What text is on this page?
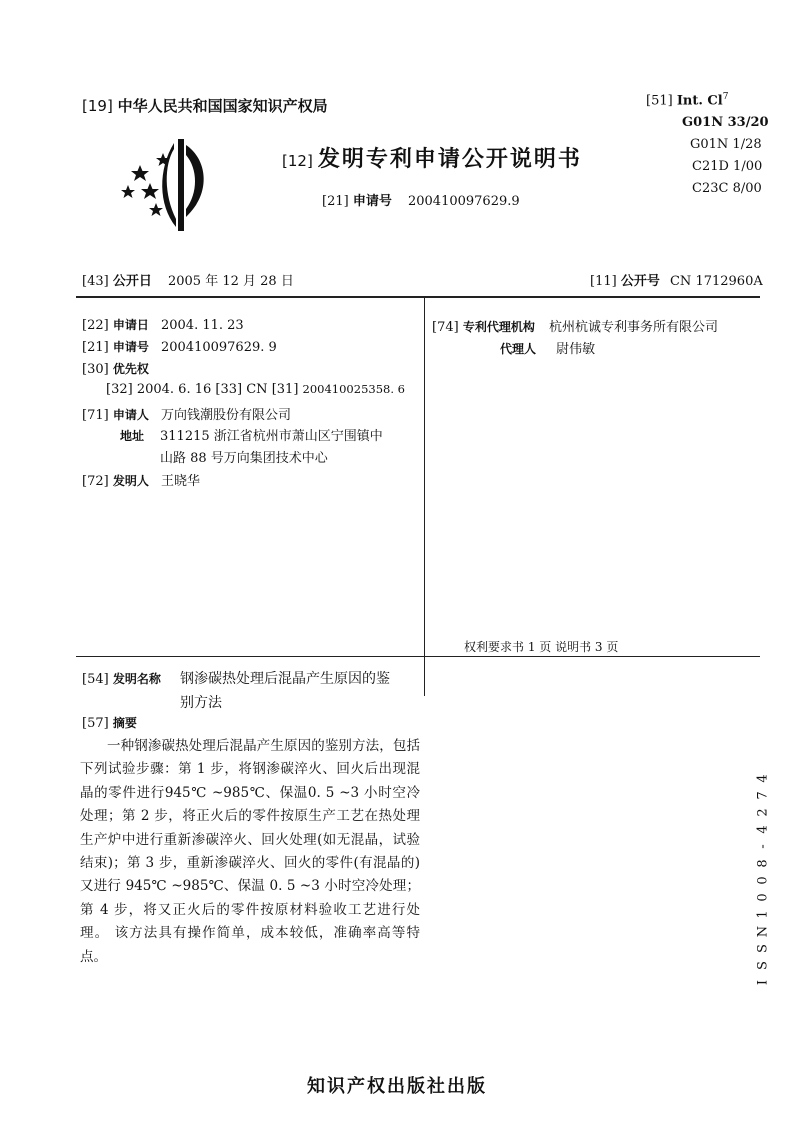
[19] 中华人民共和国国家知识产权局
[12] 发明专利申请公开说明书
[21] 申请号 200410097629.9
[51] Int. Cl$^7$
G01N 33/20
G01N 1/28
C21D 1/00
C23C 8/00
[43] 公开日 2005 年 12 月 28 日	[11] 公开号 CN 1712960A
[22] 申请日 2004. 11. 23
[21] 申请号 200410097629. 9
[30] 优先权
[32] 2004. 6. 16 [33] CN [31] 200410025358. 6
[71] 申请人 万向钱潮股份有限公司
地址 311215 浙江省杭州市萧山区宁围镇中
山路 88 号万向集团技术中心
[72] 发明人 王晓华
[74] 专利代理机构 杭州杭诚专利事务所有限公司
代理人 尉伟敏
权利要求书 1 页 说明书 3 页
[54] 发明名称 钢渗碳热处理后混晶产生原因的鉴
别方法
[57] 摘要

一种钢渗碳热处理后混晶产生原因的鉴别方法，包括下列试验步骤：第 1 步，将钢渗碳淬火、回火后出现混晶的零件进行945℃ ~985℃、保温0. 5 ~3 小时空冷处理；第 2 步，将正火后的零件按原生产工艺在热处理生产炉中进行重新渗碳淬火、回火处理(如无混晶，试验结束)；第 3 步，重新渗碳淬火、回火的零件(有混晶的)又进行 945℃ ~985℃、保温 0. 5 ~3 小时空冷处理；第 4 步，将又正火后的零件按原材料验收工艺进行处理。 该方法具有操作简单，成本较低，准确率高等特点。

4
7
2
4
-
8
0
0
1
N
S
S
I
知识产权出版社出版
